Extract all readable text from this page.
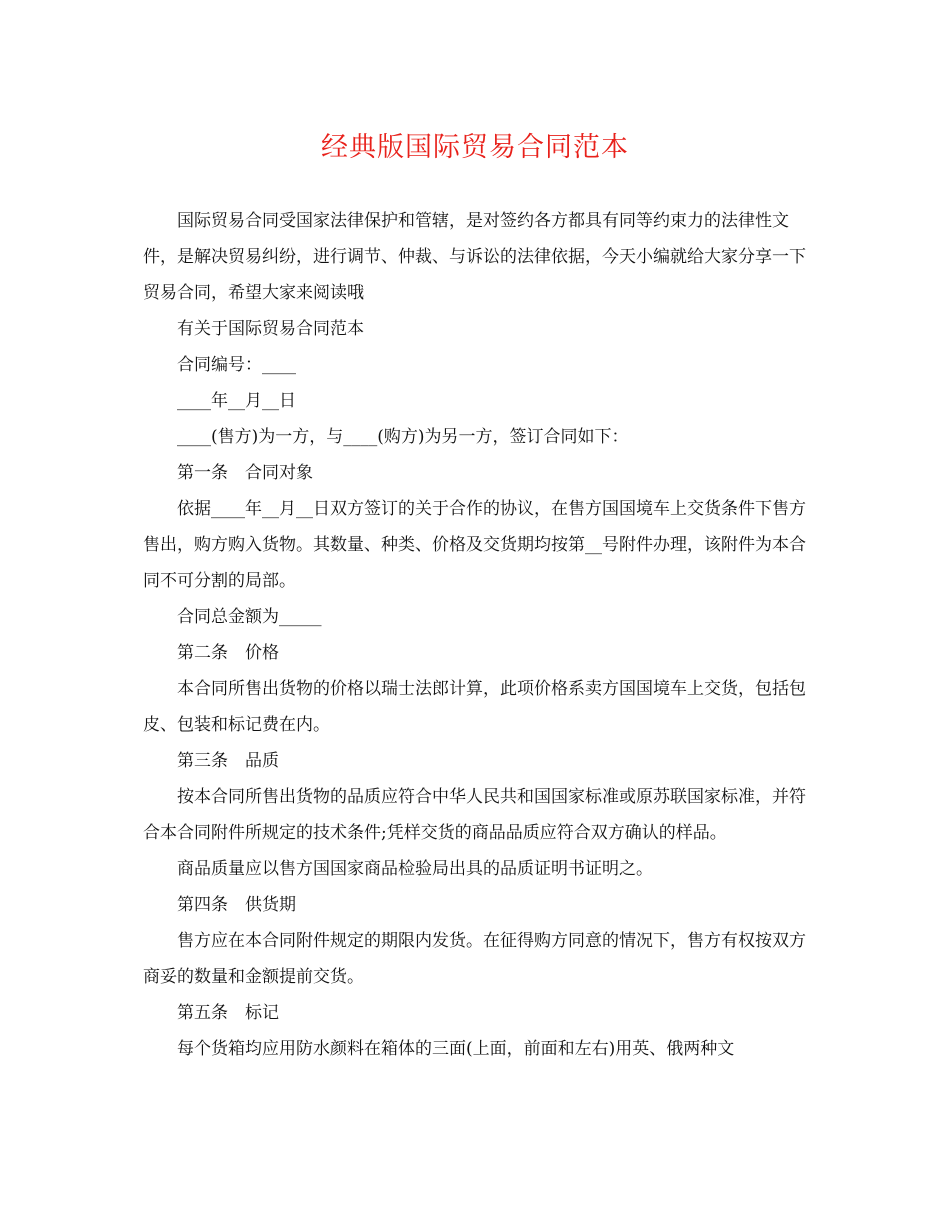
经典版国际贸易合同范本

国际贸易合同受国家法律保护和管辖，是对签约各方都具有同等约束力的法律性文件，是解决贸易纠纷，进行调节、仲裁、与诉讼的法律依据，今天小编就给大家分享一下贸易合同，希望大家来阅读哦

有关于国际贸易合同范本

合同编号：____

____年__月__日

____(售方)为一方，与____(购方)为另一方，签订合同如下：

第一条　合同对象

依据____年__月__日双方签订的关于合作的协议，在售方国国境车上交货条件下售方售出，购方购入货物。其数量、种类、价格及交货期均按第__号附件办理，该附件为本合同不可分割的局部。

合同总金额为_____

第二条　价格

本合同所售出货物的价格以瑞士法郎计算，此项价格系卖方国国境车上交货，包括包皮、包装和标记费在内。

第三条　品质

按本合同所售出货物的品质应符合中华人民共和国国家标准或原苏联国家标准，并符合本合同附件所规定的技术条件;凭样交货的商品品质应符合双方确认的样品。

商品质量应以售方国国家商品检验局出具的品质证明书证明之。

第四条　供货期

售方应在本合同附件规定的期限内发货。在征得购方同意的情况下，售方有权按双方商妥的数量和金额提前交货。

第五条　标记

每个货箱均应用防水颜料在箱体的三面(上面，前面和左右)用英、俄两种文
